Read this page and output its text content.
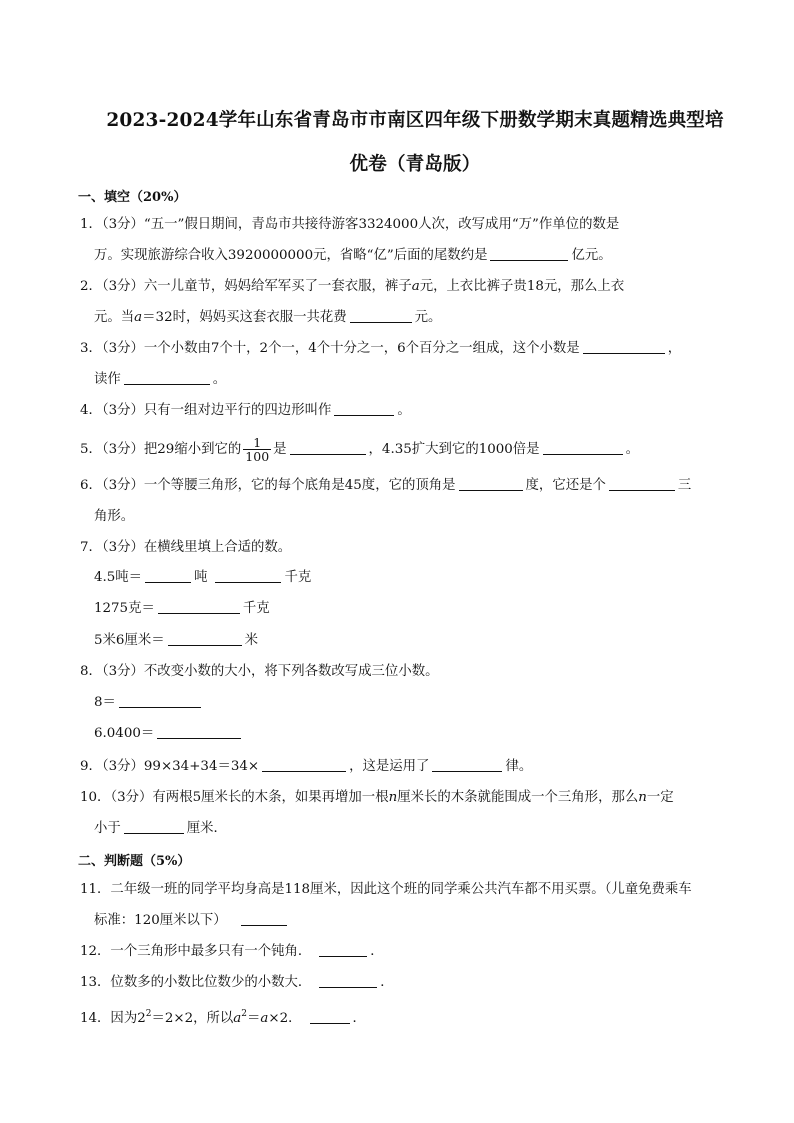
2023-2024学年山东省青岛市市南区四年级下册数学期末真题精选典型培
优卷（青岛版）
一、填空（20%）
1．（3分）“五一”假日期间，青岛市共接待游客3324000人次，改写成用“万”作单位的数是
万。实现旅游综合收入3920000000元，省略“亿”后面的尾数约是	亿元。
2．（3分）六一儿童节，妈妈给军军买了一套衣服，裤子a元，上衣比裤子贵18元，那么上衣
元。当a＝32时，妈妈买这套衣服一共花费	元。
3．（3分）一个小数由7个十，2个一，4个十分之一，6个百分之一组成，这个小数是	，
读作	。
4．（3分）只有一组对边平行的四边形叫作	。
5．（3分）把29缩小到它的 $\frac{1}{100}$ 是	，4.35扩大到它的1000倍是	。
6．（3分）一个等腰三角形，它的每个底角是45度，它的顶角是	度，它还是个	三
角形。
7．（3分）在横线里填上合适的数。
4.5吨＝	吨	千克
1275克＝	千克
5米6厘米＝	米
8．（3分）不改变小数的大小，将下列各数改写成三位小数。
8＝
6.0400＝
9．（3分）99×34+34＝34×	，这是运用了	律。
10．（3分）有两根5厘米长的木条，如果再增加一根n厘米长的木条就能围成一个三角形，那么n一定
小于	厘米．
二、判断题（5%）
11．二年级一班的同学平均身高是118厘米，因此这个班的同学乘公共汽车都不用买票。（儿童免费乘车
标准：120厘米以下）
12．一个三角形中最多只有一个钝角．	．
13．位数多的小数比位数少的小数大．	．
14．因为$2^2=2\times 2$，所以$a^2=a\times 2$．	．
